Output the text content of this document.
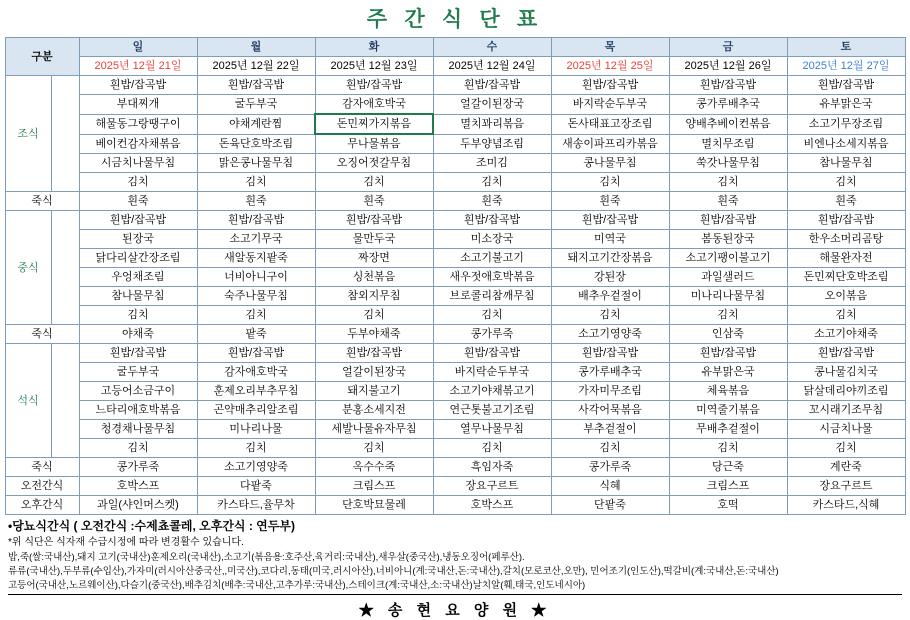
주 간 식 단 표
구분		일	월	화	수	목	금	토
		2025년 12월 21일	2025년 12월 22일	2025년 12월 23일	2025년 12월 24일	2025년 12월 25일	2025년 12월 26일	2025년 12월 27일
조식		흰밥/잡곡밥	흰밥/잡곡밥	흰밥/잡곡밥	흰밥/잡곡밥	흰밥/잡곡밥	흰밥/잡곡밥	흰밥/잡곡밥
		부대찌개	굴두부국	감자애호박국	얼갈이된장국	바지락순두부국	콩가루배추국	유부맑은국
		해물동그랑땡구이	야채계란찜	돈민찌가지볶음	멸치꽈리볶음	돈사태표고장조림	양배추베이컨볶음	소고기무장조림
		베이컨감자채볶음	돈육단호박조림	무나물볶음	두부양념조림	새송이파프리카볶음	멸치무조림	비엔나소세지볶음
		시금치나물무침	맑은콩나물무침	오징어젓갈무침	조미김	콩나물무침	쑥갓나물무침	참나물무침
		김치	김치	김치	김치	김치	김치	김치
죽식		흰죽	흰죽	흰죽	흰죽	흰죽	흰죽	흰죽
중식		흰밥/잡곡밥	흰밥/잡곡밥	흰밥/잡곡밥	흰밥/잡곡밥	흰밥/잡곡밥	흰밥/잡곡밥	흰밥/잡곡밥
		된장국	소고기무국	물만두국	미소장국	미역국	봄동된장국	한우소머리곰탕
		닭다리살간장조림	새알동지팥죽	짜장면	소고기불고기	돼지고기간장볶음	소고기팽이불고기	해물완자전
		우엉채조림	너비아니구이	싱천볶음	새우젓애호박볶음	강된장	과일샐러드	돈민찌단호박조림
		참나물무침	숙주나물무침	참외지무침	브로콜리참깨무침	배추우겉절이	미나리나물무침	오이볶음
		김치	김치	김치	김치	김치	김치	김치
죽식		야채죽	팥죽	두부야채죽	콩가루죽	소고기영양죽	인삼죽	소고기야채죽
석식		흰밥/잡곡밥	흰밥/잡곡밥	흰밥/잡곡밥	흰밥/잡곡밥	흰밥/잡곡밥	흰밥/잡곡밥	흰밥/잡곡밥
		굴두부국	감자애호박국	얼갈이된장국	바지락순두부국	콩가루배추국	유부맑은국	콩나물김치국
		고등어소금구이	훈제오리부추무침	돼지불고기	소고기야채볶고기	가자미무조림	체육볶음	닭살데리야끼조림
		느타리애호박볶음	곤약매추리알조림	분홍소세지전	연근톳불고기조림	사각어묵볶음	미역줄기볶음	꼬시래기조무침
		청경채나물무침	미나리나물	세발나물유자무침	열무나물무침	부추겉절이	무배추겉절이	시금치나물
		김치	김치	김치	김치	김치	김치	김치
죽식		콩가루죽	소고기영양죽	옥수수죽	흑임자죽	콩가루죽	당근죽	계란죽
오전간식		호박스프	다팥죽	크림스프	장요구르트	식혜	크림스프	장요구르트
오후간식		과일(샤인머스켓)	카스타드,율무차	단호박묘물레	호박스프	단팥죽	호떡	카스타드,식혜
•당뇨식간식 ( 오전간식 :수제쵸콜레, 오후간식 : 연두부)
*위 식단은 식자재 수급시정에 따라 변경활수 있습니다.
밥,죽(쌀:국내산),돼지 고기(국내산)훈제오리(국내산),소고기(볶음용:호주산,육거리:국내산),새우살(중국산),냉동오징어(페루산).
류류(국내산),두부류(수입산),가자미(러시아산중국산,,미국산),코다리,동태(미국,러시아산),너비아니(계:국내산,돈:국내산),갈치(모로코산,오만), 민어조기(인도산),떡갈비(계:국내산,돈:국내산)
고등어(국내산,노르웨이산),다슬기(중국산),배추김치(배추:국내산,고추가루:국내산),스테이크(계:국내산,소:국내산)날치알(훼,태국,인도네시아)
★ 송 현 요 양 원 ★
